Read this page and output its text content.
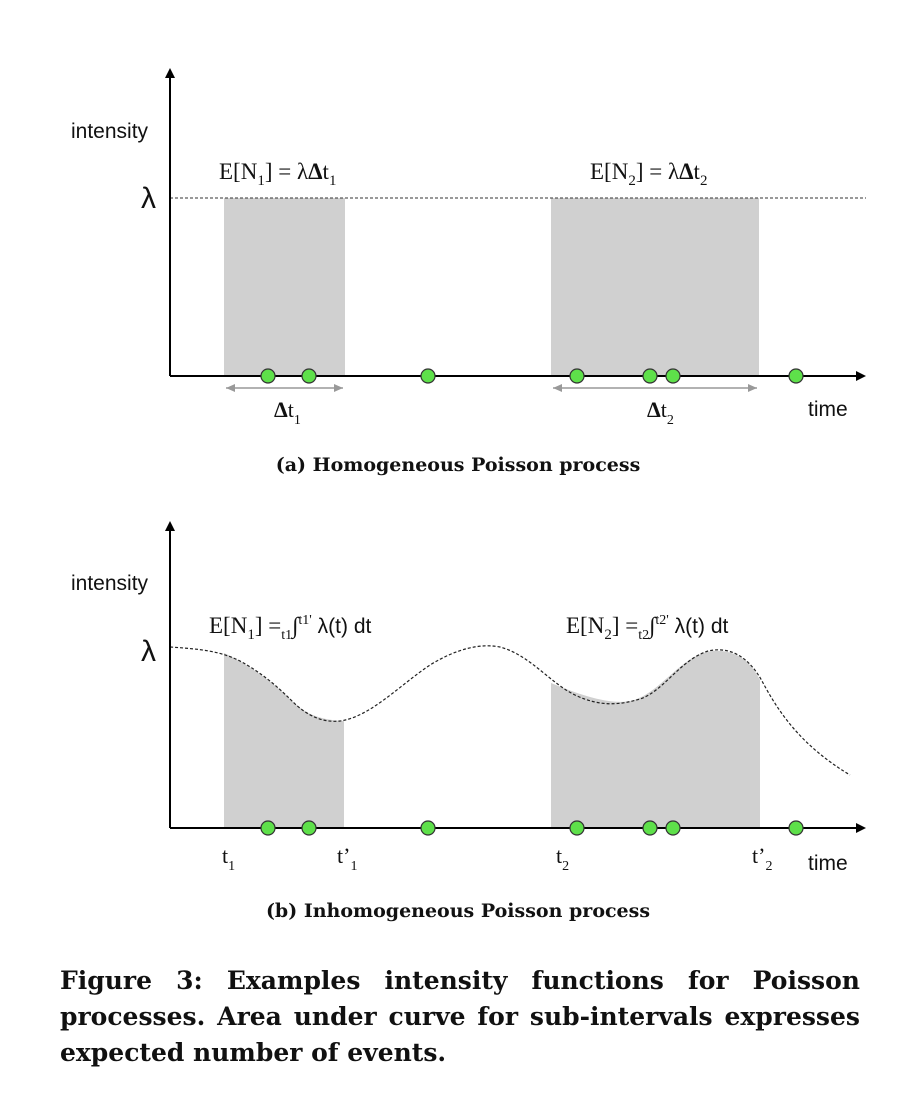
intensity
time
λ
$E[N_1] = \lambda\Delta t_1$	$E[N_2] = \lambda\Delta t_2$
$\Delta t_1$	$\Delta t_2$
(a) Homogeneous Poisson process
intensity
time
λ
$E[N_1] =_{t1}\int^{t1'}$ λ(t) dt	$E[N_2] =_{t2}\int^{t2'}$ λ(t) dt
$t_1$	$t’_1$	$t_2$	$t’_2$
(b) Inhomogeneous Poisson process
Figure 3: Examples intensity functions for Poisson processes. Area under curve for sub-intervals expresses expected number of events.
